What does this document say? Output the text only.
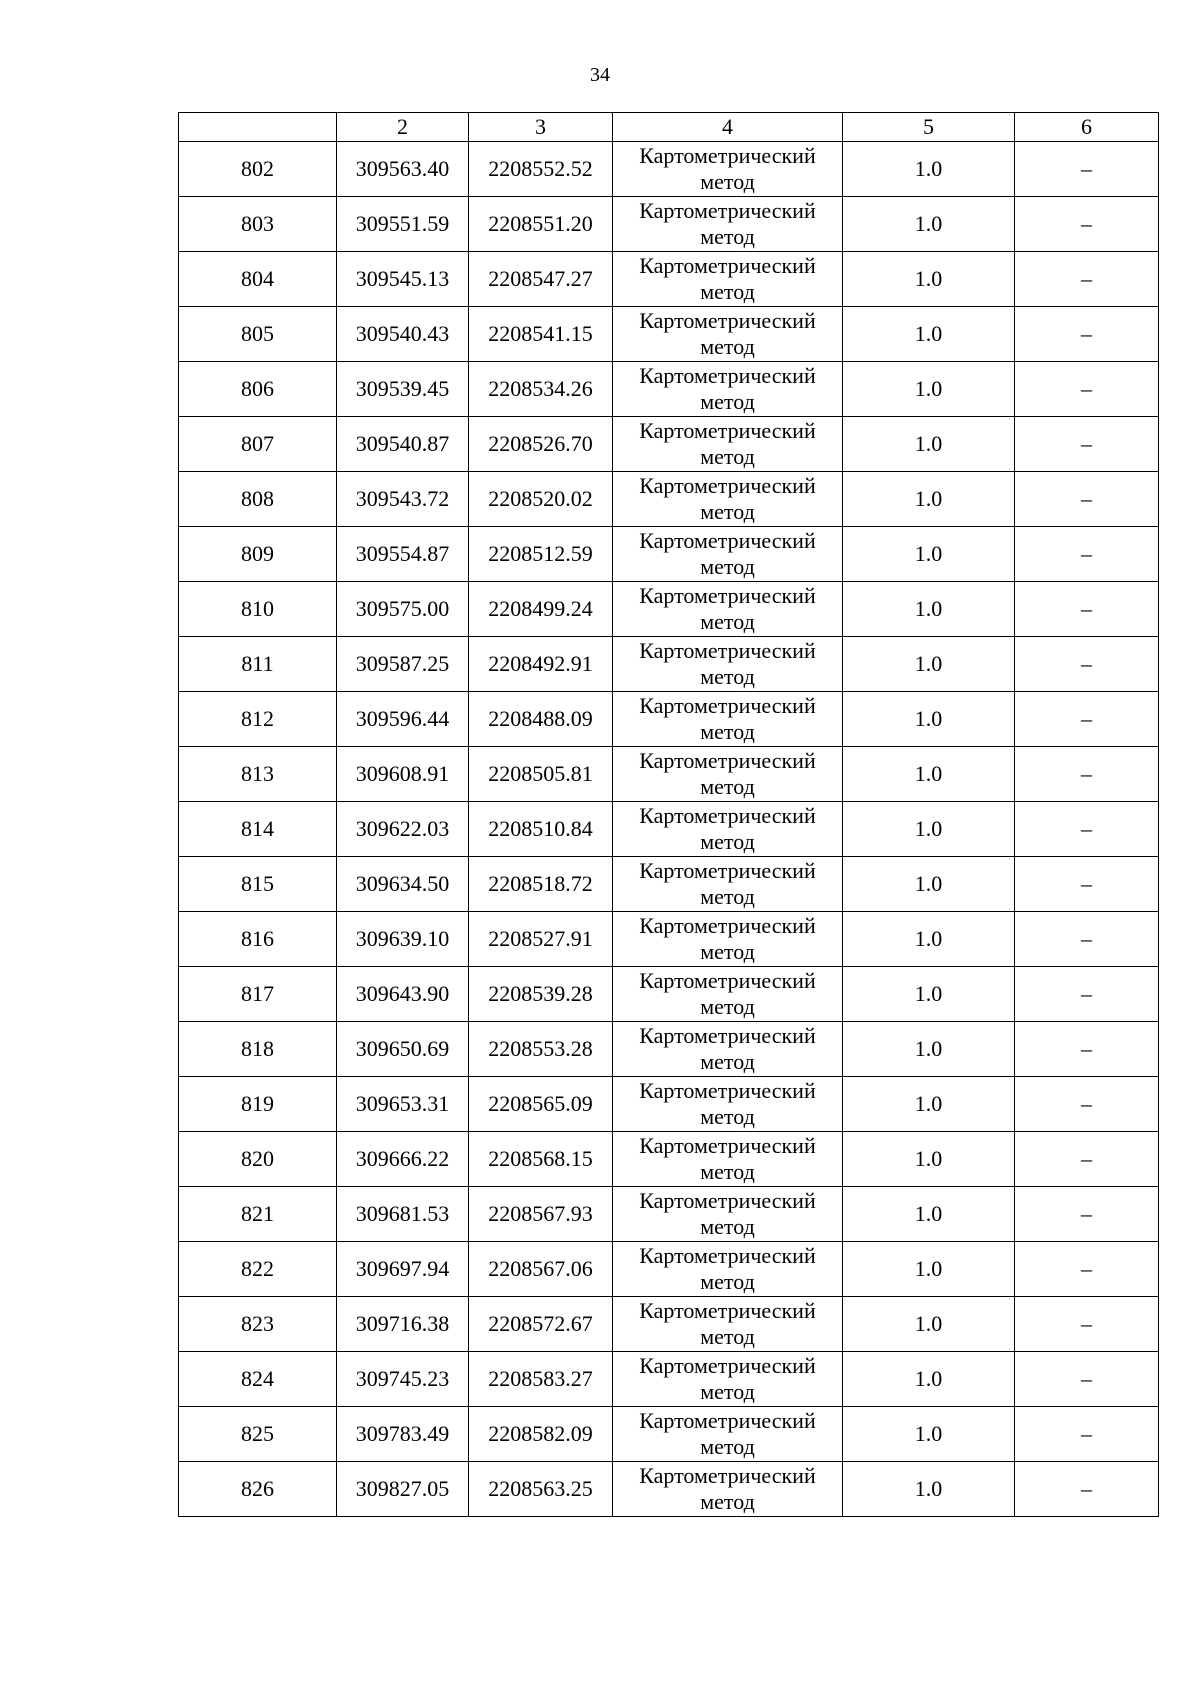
34
	2	3	4	5	6
802	309563.40	2208552.52	Картометрический
метод	1.0	–
803	309551.59	2208551.20	Картометрический
метод	1.0	–
804	309545.13	2208547.27	Картометрический
метод	1.0	–
805	309540.43	2208541.15	Картометрический
метод	1.0	–
806	309539.45	2208534.26	Картометрический
метод	1.0	–
807	309540.87	2208526.70	Картометрический
метод	1.0	–
808	309543.72	2208520.02	Картометрический
метод	1.0	–
809	309554.87	2208512.59	Картометрический
метод	1.0	–
810	309575.00	2208499.24	Картометрический
метод	1.0	–
811	309587.25	2208492.91	Картометрический
метод	1.0	–
812	309596.44	2208488.09	Картометрический
метод	1.0	–
813	309608.91	2208505.81	Картометрический
метод	1.0	–
814	309622.03	2208510.84	Картометрический
метод	1.0	–
815	309634.50	2208518.72	Картометрический
метод	1.0	–
816	309639.10	2208527.91	Картометрический
метод	1.0	–
817	309643.90	2208539.28	Картометрический
метод	1.0	–
818	309650.69	2208553.28	Картометрический
метод	1.0	–
819	309653.31	2208565.09	Картометрический
метод	1.0	–
820	309666.22	2208568.15	Картометрический
метод	1.0	–
821	309681.53	2208567.93	Картометрический
метод	1.0	–
822	309697.94	2208567.06	Картометрический
метод	1.0	–
823	309716.38	2208572.67	Картометрический
метод	1.0	–
824	309745.23	2208583.27	Картометрический
метод	1.0	–
825	309783.49	2208582.09	Картометрический
метод	1.0	–
826	309827.05	2208563.25	Картометрический
метод	1.0	–
